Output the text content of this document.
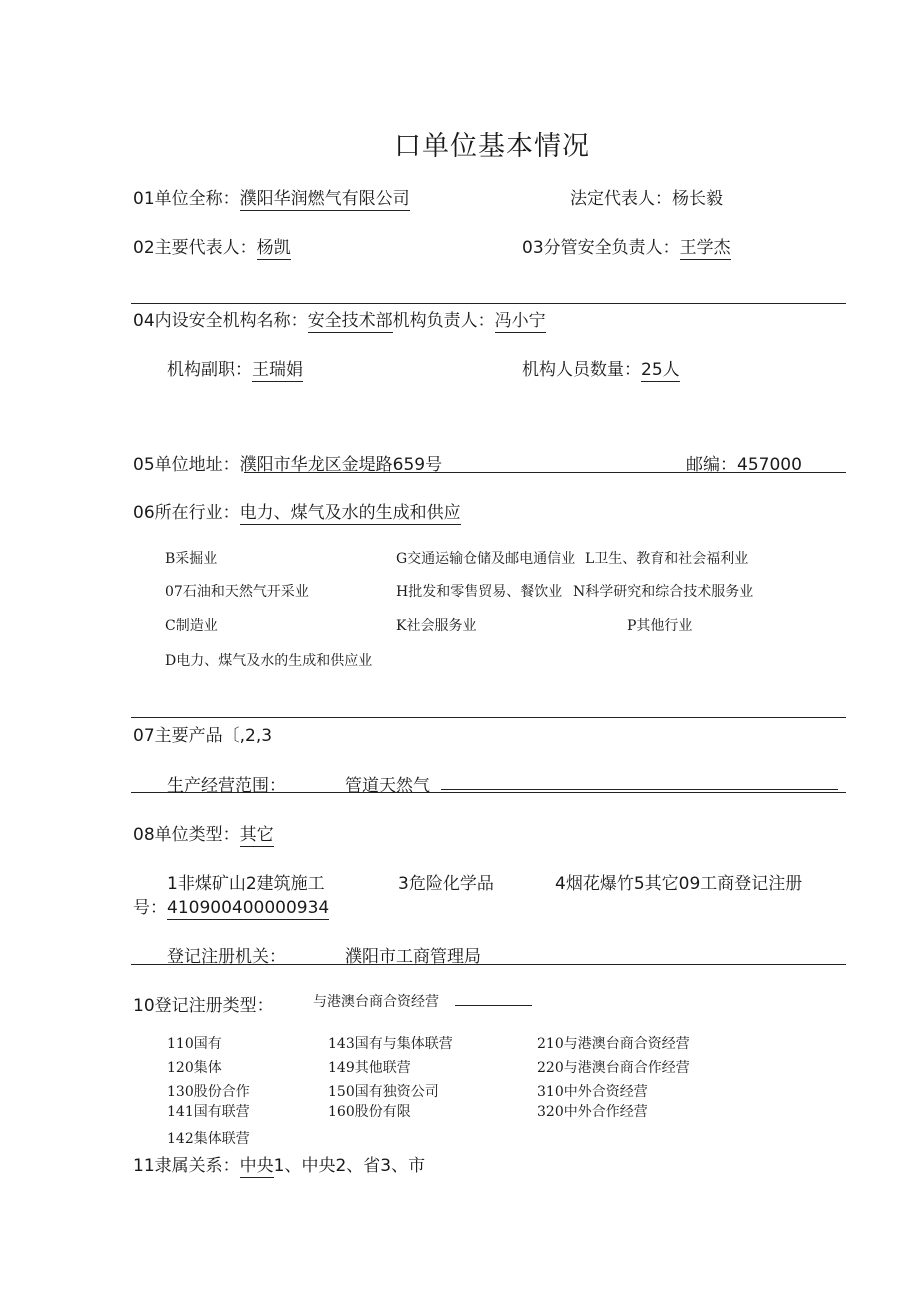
口单位基本情况
01单位全称：濮阳华润燃气有限公司	法定代表人：杨长毅
02主要代表人：杨凯	03分管安全负责人：王学杰
04内设安全机构名称：安全技术部机构负责人：冯小宁
机构副职：王瑞娟	机构人员数量：25人
05单位地址：濮阳市华龙区金堤路659号	邮编：457000
06所在行业：电力、煤气及水的生成和供应
B采掘业	G交通运输仓储及邮电通信业 L卫生、教育和社会福利业
07石油和天然气开采业	H批发和零售贸易、餐饮业 N科学研究和综合技术服务业
C制造业	K社会服务业	P其他行业
D电力、煤气及水的生成和供应业
07主要产品〔,2,3
生产经营范围：	管道天然气
08单位类型：其它
1非煤矿山2建筑施工	3危险化学品	4烟花爆竹5其它09工商登记注册
号：410900400000934
登记注册机关：	濮阳市工商管理局
10登记注册类型：	与港澳台商合资经营
110国有	143国有与集体联营	210与港澳台商合资经营
120集体	149其他联营	220与港澳台商合作经营
130股份合作	150国有独资公司	310中外合资经营
141国有联营	160股份有限	320中外合作经营
142集体联营
11隶属关系：中央1、中央2、省3、市
